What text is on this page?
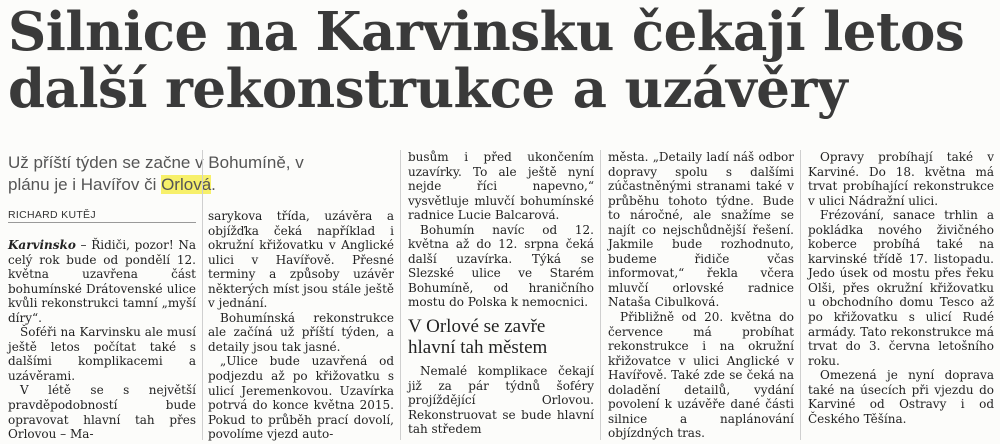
Silnice na Karvinsku čekají letos další rekonstrukce a uzávěry

Už příští týden se začne v Bohumíně, v plánu je i Havířov či Orlová.

RICHARD KUTĚJ

Karvinsko – Řidiči, pozor! Na celý rok bude od pondělí 12. května uzavřena část bohumínské Drátovenské ulice kvůli rekonstrukci tamní „myší díry“.

Šoféři na Karvinsku ale musí ještě letos počítat také s dalšími komplikacemi a uzávěrami.

V létě se s největší pravděpodobností bude opravovat hlavní tah přes Orlovou – Ma-

sarykova třída, uzávěra a objížďka čeká například i okružní křižovatku v Anglické ulici v Havířově. Přesné terminy a způsoby uzávěr některých míst jsou stále ještě v jednání.

Bohumínská rekonstrukce ale začíná už příští týden, a detaily jsou tak jasné.

„Ulice bude uzavřená od podjezdu až po křižovatku s ulicí Jeremenkovou. Uzavírka potrvá do konce května 2015. Pokud to průběh prací dovolí, povolíme vjezd auto-

busům i před ukončením uzavírky. To ale ještě nyní nejde říci napevno,“ vysvětluje mluvčí bohumínské radnice Lucie Balcarová.

Bohumín navíc od 12. května až do 12. srpna čeká další uzavírka. Týká se Slezské ulice ve Starém Bohumíně, od hraničního mostu do Polska k nemocnici.

V Orlové se zavře hlavní tah městem

Nemalé komplikace čekají již za pár týdnů šoféry projíždějící Orlovou. Rekonstruovat se bude hlavní tah středem

města. „Detaily ladí náš odbor dopravy spolu s dalšími zúčastněnými stranami také v průběhu tohoto týdne. Bude to náročné, ale snažíme se najít co nejschůdnější řešení. Jakmile bude rozhodnuto, budeme řidiče včas informovat,“ řekla včera mluvčí orlovské radnice Nataša Cibulková.

Přibližně od 20. května do července má probíhat rekonstrukce i na okružní křižovatce v ulici Anglické v Havířově. Také zde se čeká na doladění detailů, vydání povolení k uzávěře dané části silnice a naplánování objízdných tras.

Opravy probíhají také v Karviné. Do 18. května má trvat probíhající rekonstrukce v ulici Nádražní ulici.

Frézování, sanace trhlin a pokládka nového živičného koberce probíhá také na karvinské třídě 17. listopadu. Jedo úsek od mostu přes řeku Olši, přes okružní křižovatku u obchodního domu Tesco až po křižovatku s ulicí Rudé armády. Tato rekonstrukce má trvat do 3. června letošního roku.

Omezená je nyní doprava také na úsecích při vjezdu do Karviné od Ostravy i od Českého Těšína.
